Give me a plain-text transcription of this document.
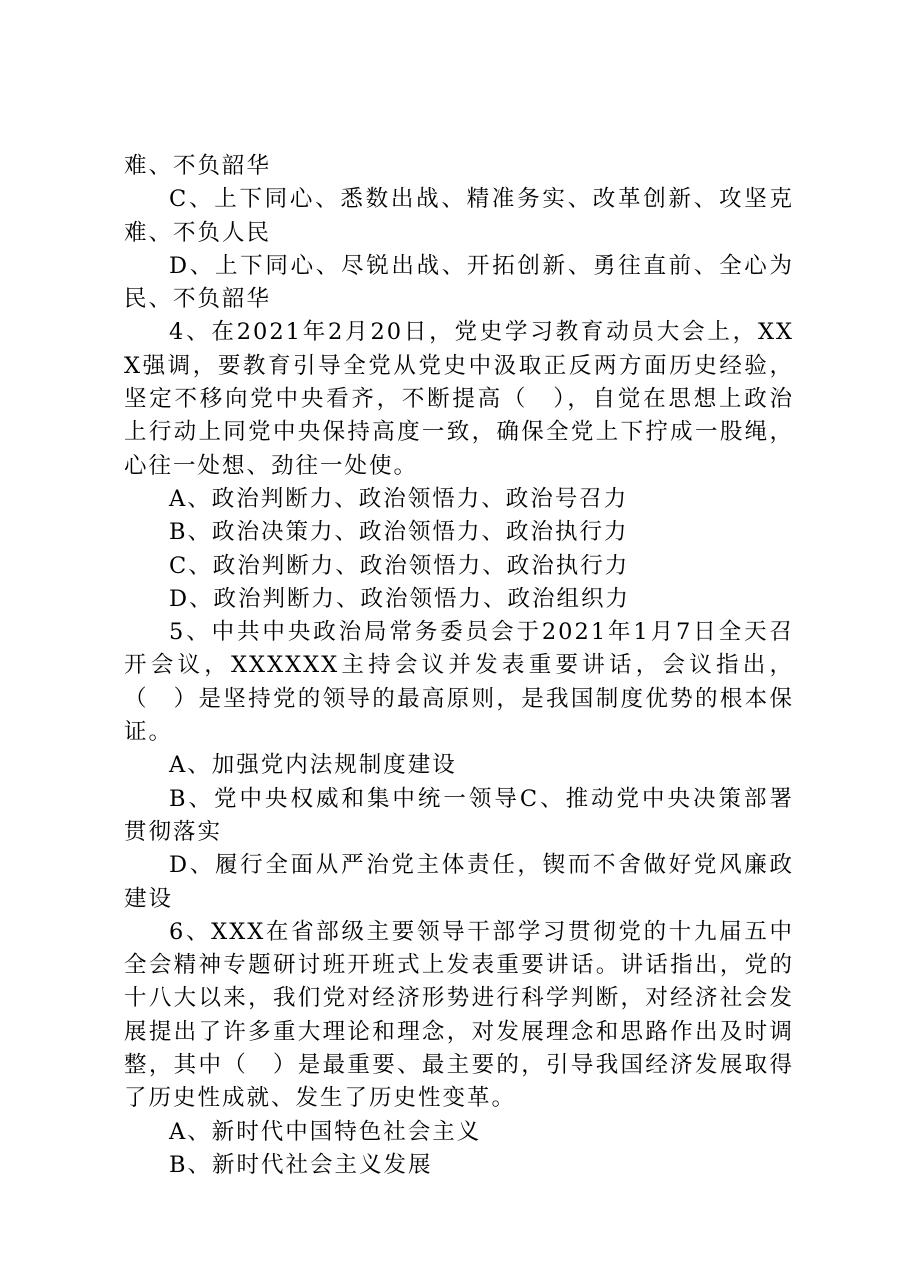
难、不负韶华

C、上下同心、悉数出战、精准务实、改革创新、攻坚克难、不负人民

D、上下同心、尽锐出战、开拓创新、勇往直前、全心为民、不负韶华

4、在2021年2月20日，党史学习教育动员大会上，XXX强调，要教育引导全党从党史中汲取正反两方面历史经验，坚定不移向党中央看齐，不断提高（　），自觉在思想上政治上行动上同党中央保持高度一致，确保全党上下拧成一股绳，心往一处想、劲往一处使。

A、政治判断力、政治领悟力、政治号召力

B、政治决策力、政治领悟力、政治执行力

C、政治判断力、政治领悟力、政治执行力

D、政治判断力、政治领悟力、政治组织力

5、中共中央政治局常务委员会于2021年1月7日全天召开会议，XXXXXX主持会议并发表重要讲话，会议指出，（　）是坚持党的领导的最高原则，是我国制度优势的根本保证。

A、加强党内法规制度建设

B、党中央权威和集中统一领导C、推动党中央决策部署贯彻落实

D、履行全面从严治党主体责任，锲而不舍做好党风廉政建设

6、XXX在省部级主要领导干部学习贯彻党的十九届五中全会精神专题研讨班开班式上发表重要讲话。讲话指出，党的十八大以来，我们党对经济形势进行科学判断，对经济社会发展提出了许多重大理论和理念，对发展理念和思路作出及时调整，其中（　）是最重要、最主要的，引导我国经济发展取得了历史性成就、发生了历史性变革。

A、新时代中国特色社会主义

B、新时代社会主义发展
